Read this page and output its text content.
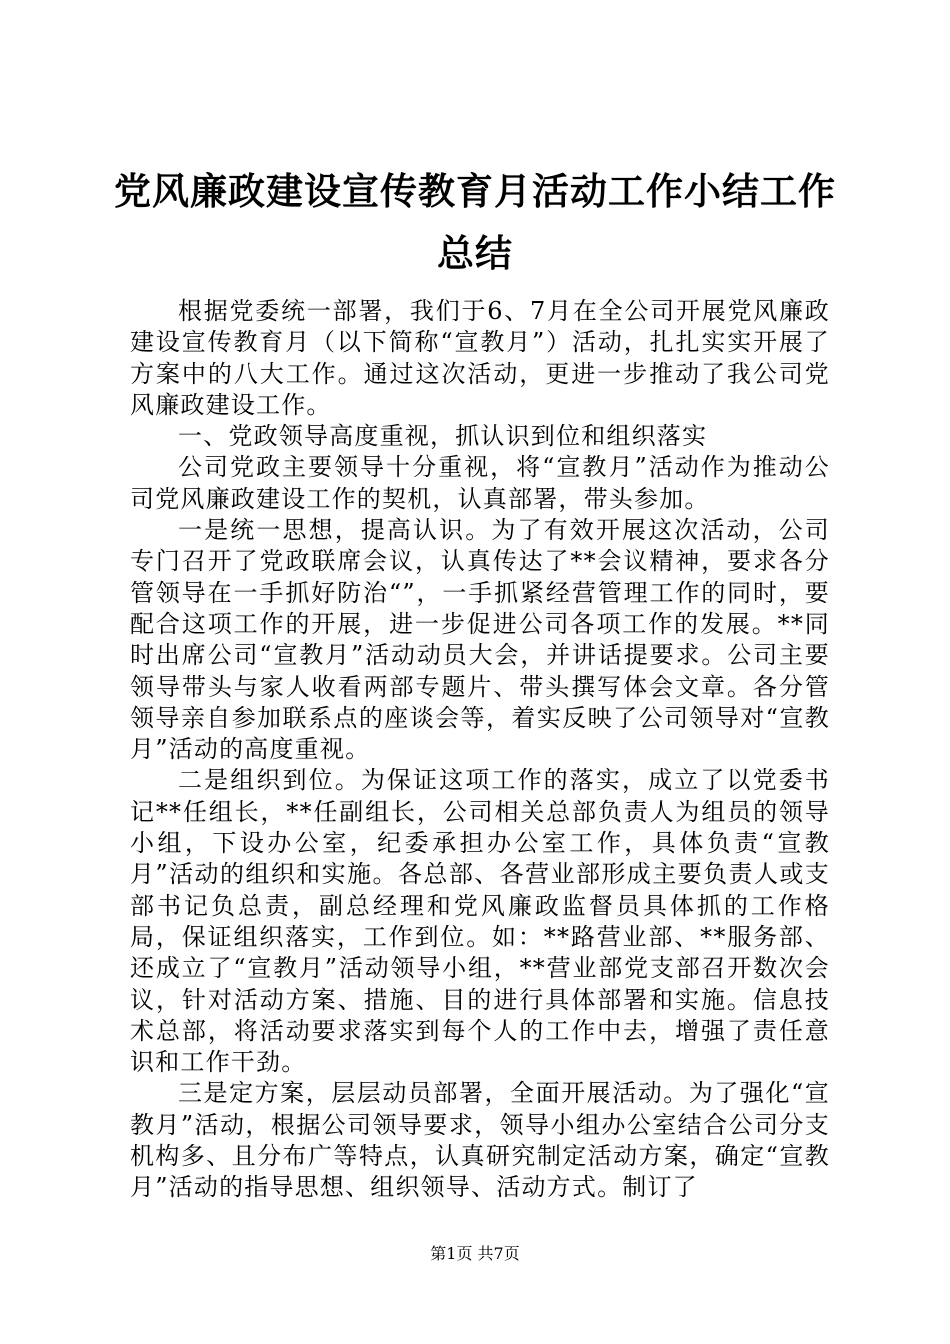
党风廉政建设宣传教育月活动工作小结工作总结

根据党委统一部署，我们于6、7月在全公司开展党风廉政建设宣传教育月（以下简称“宣教月”）活动，扎扎实实开展了方案中的八大工作。通过这次活动，更进一步推动了我公司党风廉政建设工作。

一、党政领导高度重视，抓认识到位和组织落实

公司党政主要领导十分重视，将“宣教月”活动作为推动公司党风廉政建设工作的契机，认真部署，带头参加。

一是统一思想，提高认识。为了有效开展这次活动，公司专门召开了党政联席会议，认真传达了**会议精神，要求各分管领导在一手抓好防治“”，一手抓紧经营管理工作的同时，要配合这项工作的开展，进一步促进公司各项工作的发展。**同时出席公司“宣教月”活动动员大会，并讲话提要求。公司主要领导带头与家人收看两部专题片、带头撰写体会文章。各分管领导亲自参加联系点的座谈会等，着实反映了公司领导对“宣教月”活动的高度重视。

二是组织到位。为保证这项工作的落实，成立了以党委书记**任组长，**任副组长，公司相关总部负责人为组员的领导小组，下设办公室，纪委承担办公室工作，具体负责“宣教月”活动的组织和实施。各总部、各营业部形成主要负责人或支部书记负总责，副总经理和党风廉政监督员具体抓的工作格局，保证组织落实，工作到位。如：**路营业部、**服务部、还成立了“宣教月”活动领导小组，**营业部党支部召开数次会议，针对活动方案、措施、目的进行具体部署和实施。信息技术总部，将活动要求落实到每个人的工作中去，增强了责任意识和工作干劲。

三是定方案，层层动员部署，全面开展活动。为了强化“宣教月”活动，根据公司领导要求，领导小组办公室结合公司分支机构多、且分布广等特点，认真研究制定活动方案，确定“宣教月”活动的指导思想、组织领导、活动方式。制订了

第1页 共7页
